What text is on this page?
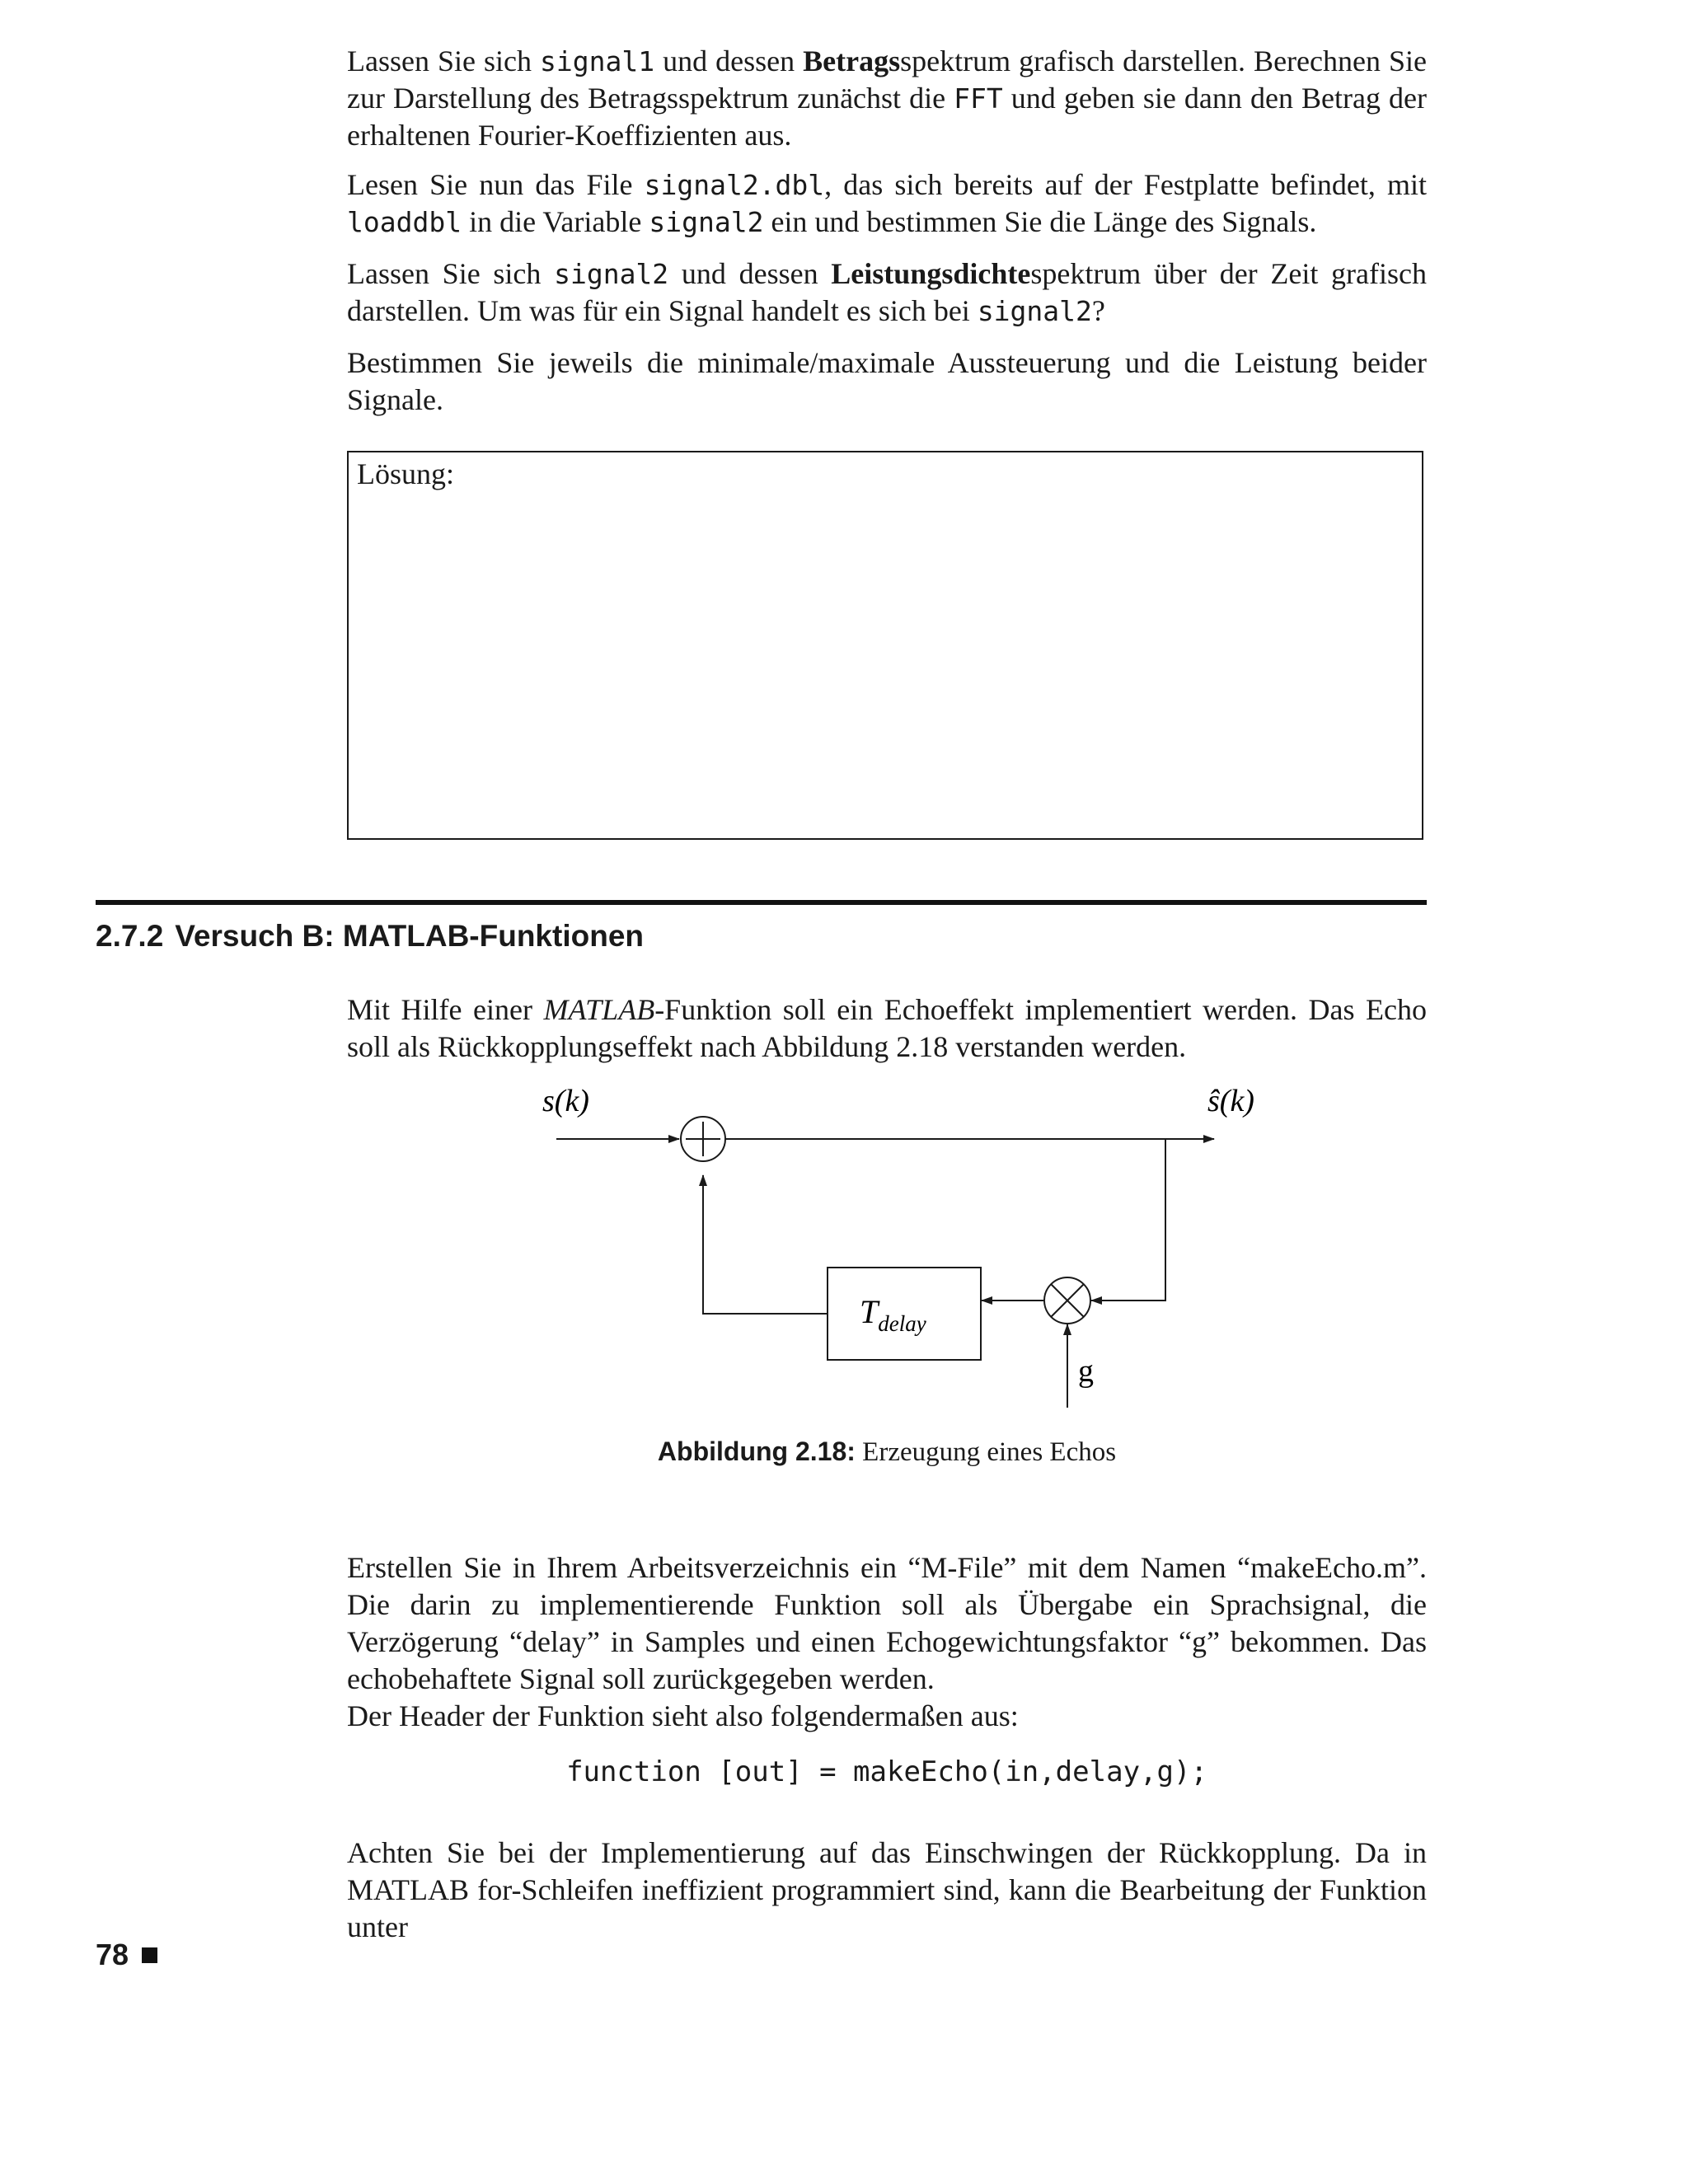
Lassen Sie sich signal1 und dessen Betragsspektrum grafisch darstellen. Berechnen Sie zur Darstellung des Betragsspektrum zunächst die FFT und geben sie dann den Betrag der erhaltenen Fourier-Koeffizienten aus.

Lesen Sie nun das File signal2.dbl, das sich bereits auf der Festplatte befindet, mit loaddbl in die Variable signal2 ein und bestimmen Sie die Länge des Signals.

Lassen Sie sich signal2 und dessen Leistungsdichtespektrum über der Zeit grafisch darstellen. Um was für ein Signal handelt es sich bei signal2?

Bestimmen Sie jeweils die minimale/maximale Aussteuerung und die Leistung beider Signale.

Lösung:
2.7.2 Versuch B: MATLAB-Funktionen

Mit Hilfe einer MATLAB-Funktion soll ein Echoeffekt implementiert werden. Das Echo soll als Rückkopplungseffekt nach Abbildung 2.18 verstanden werden.

s(k)	ŝ(k)
g
$T_{delay}$
Abbildung 2.18: Erzeugung eines Echos

Erstellen Sie in Ihrem Arbeitsverzeichnis ein “M-File” mit dem Namen “makeEcho.m”. Die darin zu implementierende Funktion soll als Übergabe ein Sprachsignal, die Verzögerung “delay” in Samples und einen Echogewichtungsfaktor “g” bekommen. Das echobehaftete Signal soll zurückgegeben werden.

Der Header der Funktion sieht also folgendermaßen aus:

function [out] = makeEcho(in,delay,g);

Achten Sie bei der Implementierung auf das Einschwingen der Rückkopplung. Da in MATLAB for-Schleifen ineffizient programmiert sind, kann die Bearbeitung der Funktion unter

78
